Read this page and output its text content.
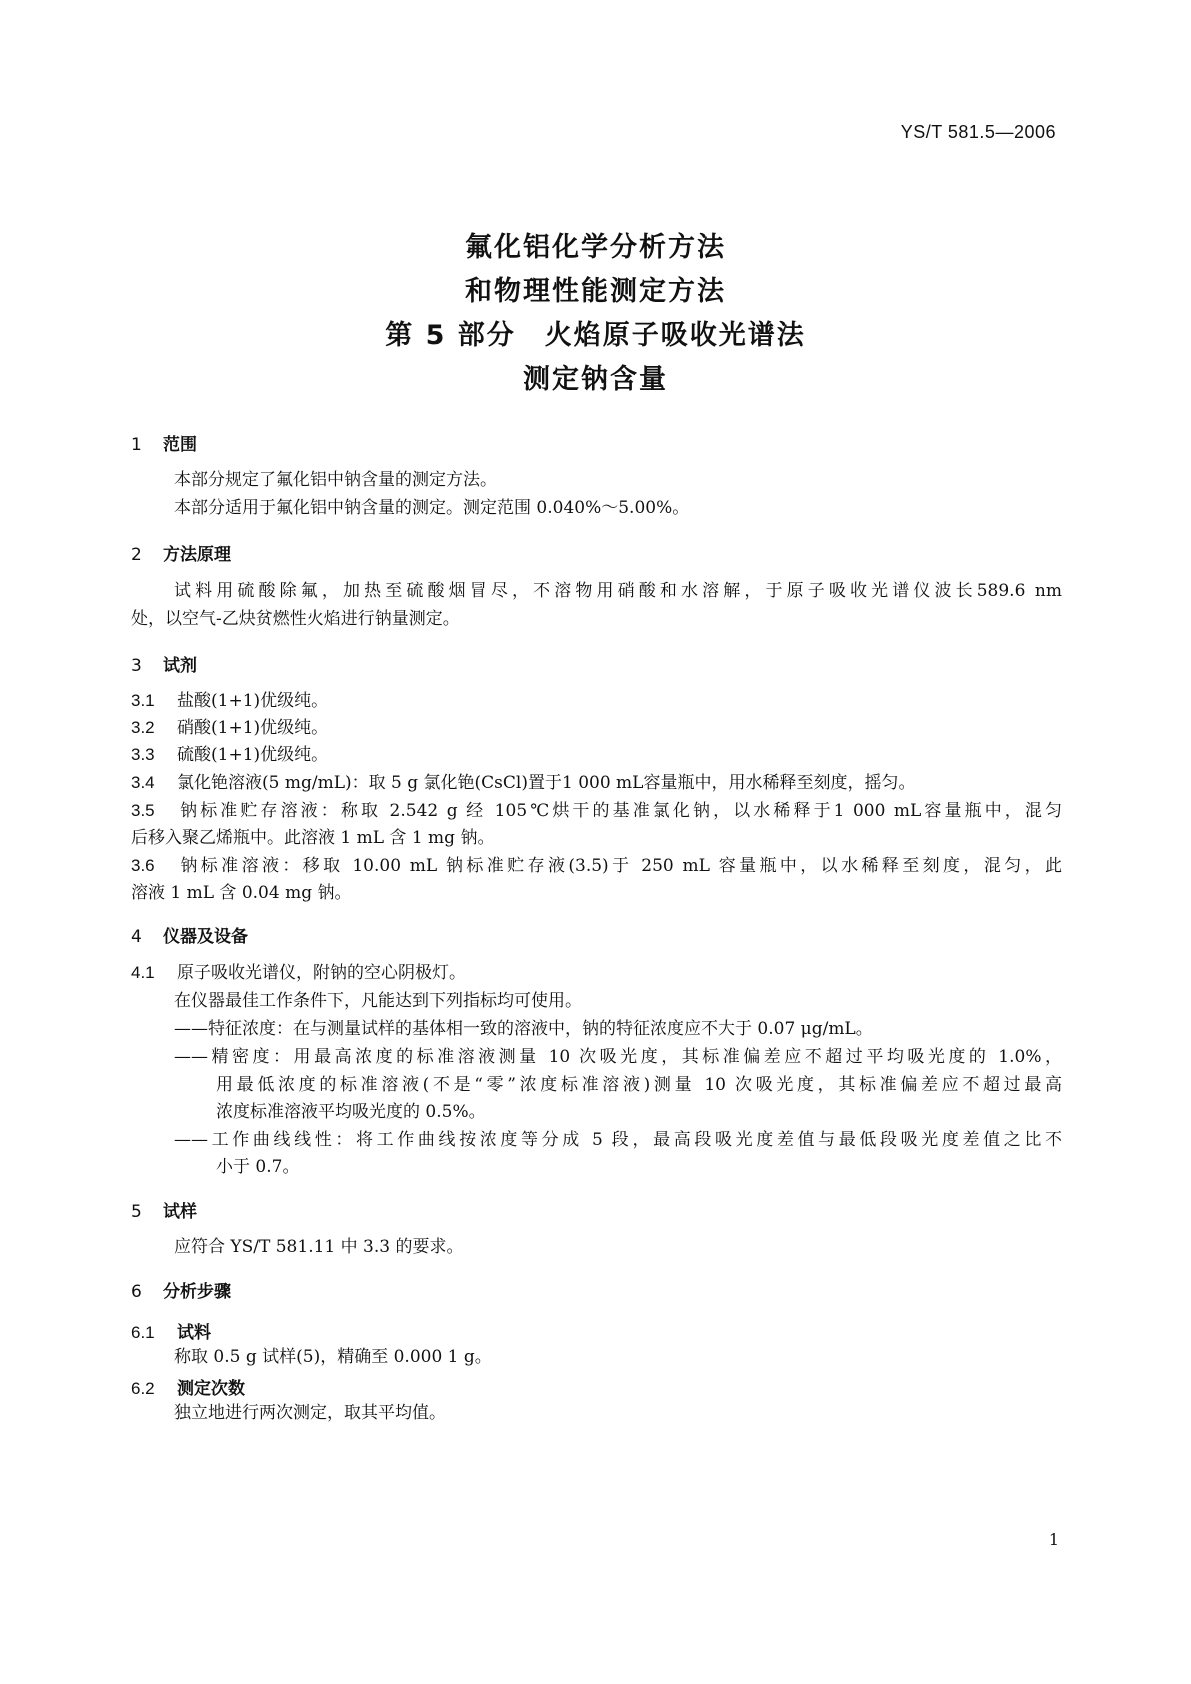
YS/T 581.5—2006
氟化铝化学分析方法
和物理性能测定方法
第 5 部分　火焰原子吸收光谱法
测定钠含量
1 范围
本部分规定了氟化铝中钠含量的测定方法。
本部分适用于氟化铝中钠含量的测定。测定范围 0.040%～5.00%。
2 方法原理
试料用硫酸除氟，加热至硫酸烟冒尽，不溶物用硝酸和水溶解，于原子吸收光谱仪波长589.6 nm
处，以空气-乙炔贫燃性火焰进行钠量测定。
3 试剂
3.1 盐酸(1+1)优级纯。
3.2 硝酸(1+1)优级纯。
3.3 硫酸(1+1)优级纯。
3.4 氯化铯溶液(5 mg/mL)：取 5 g 氯化铯(CsCl)置于1 000 mL容量瓶中，用水稀释至刻度，摇匀。
3.5 钠标准贮存溶液：称取 2.542 g 经 105℃烘干的基准氯化钠，以水稀释于1 000 mL容量瓶中，混匀
后移入聚乙烯瓶中。此溶液 1 mL 含 1 mg 钠。
3.6 钠标准溶液：移取 10.00 mL 钠标准贮存液(3.5)于 250 mL 容量瓶中，以水稀释至刻度，混匀，此
溶液 1 mL 含 0.04 mg 钠。
4 仪器及设备
4.1 原子吸收光谱仪，附钠的空心阴极灯。
在仪器最佳工作条件下，凡能达到下列指标均可使用。
——特征浓度：在与测量试样的基体相一致的溶液中，钠的特征浓度应不大于 0.07 μg/mL。
——精密度：用最高浓度的标准溶液测量 10 次吸光度，其标准偏差应不超过平均吸光度的 1.0%，
用最低浓度的标准溶液(不是“零”浓度标准溶液)测量 10 次吸光度，其标准偏差应不超过最高
浓度标准溶液平均吸光度的 0.5%。
——工作曲线线性：将工作曲线按浓度等分成 5 段，最高段吸光度差值与最低段吸光度差值之比不
小于 0.7。
5 试样
应符合 YS/T 581.11 中 3.3 的要求。
6 分析步骤
6.1 试料
称取 0.5 g 试样(5)，精确至 0.000 1 g。
6.2 测定次数
独立地进行两次测定，取其平均值。
1
